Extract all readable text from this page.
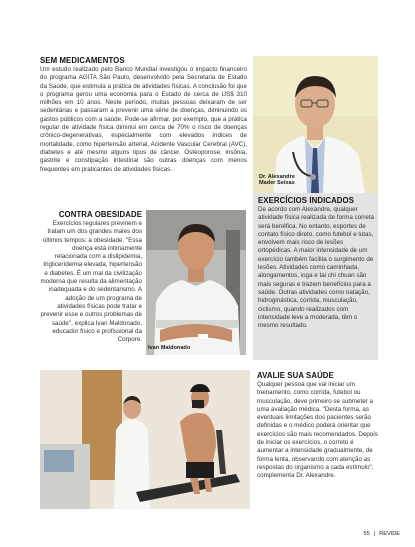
SEM MEDICAMENTOS
Um estudo realizado pelo Banco Mundial investigou o impacto financeiro do programa AGITA São Paulo, desenvolvido pela Secretaria de Estado da Saúde, que estimula a prática de atividades físicas. A conclusão foi que o programa gerou uma economia para o Estado de cerca de US$ 310 milhões em 10 anos. Neste período, muitas pessoas deixaram de ser sedentárias e passaram a prevenir uma série de doenças, diminuindo os gastos públicos com a saúde. Pode-se afirmar, por exemplo, que a prática regular de atividade física diminui em cerca de 70% o risco de doenças crônico-degenerativas, especialmente com elevados índices de mortalidade, como hipertensão arterial, Acidente Vascular Cerebral (AVC), diabetes e até mesmo alguns tipos de câncer. Osteoporose, insônia, gastrite e constipação intestinal são outras doenças com menos frequentes em praticantes de atividades físicas.
Dr. Alexandre
Mader Seixas
EXERCÍCIOS INDICADOS
De acordo com Alexandre, qualquer atividade física realizada de forma correta será benéfica. No entanto, esportes de contato físico direto, como futebol e lutas, envolvem mais risco de lesões ortopédicas. A maior intensidade de um exercício também facilita o surgimento de lesões. Atividades como caminhada, alongamentos, ioga e tai chi chuan são mais seguras e trazem benefícios para a saúde. Outras atividades como natação, hidroginástica, corrida, musculação, ciclismo, quando realizados com intensidade leve a moderada, têm o mesmo resultado.
CONTRA OBESIDADE
Exercícios regulares previnem e tratam um dos grandes males dos últimos tempos: a obesidade. "Essa doença está intimamente relacionada com a dislipidemia, triglicerídemia elevada, hipertensão e diabetes. É um mal da civilização moderna que resulta da alimentação inadequada e do sedentarismo. A adoção de um programa de atividades físicas pode tratar e prevenir esse e outros problemas de saúde", explica Ivan Maldonado, educador físico e profissional da Corpore.
Ivan Maldonado
AVALIE SUA SAÚDE
Qualquer pessoa que vai iniciar um treinamento, como corrida, futebol ou musculação, deve primeiro se submeter a uma avaliação médica. "Desta forma, as eventuais limitações dos pacientes serão definidas e o médico poderá orientar que exercícios são mais recomendados. Depois de iniciar os exercícios, o correto é aumentar a intensidade gradualmente, de forma lenta, observando com atenção as respostas do organismo a cada estímulo", complementa Dr. Alexandre.
55 | REVIDE
